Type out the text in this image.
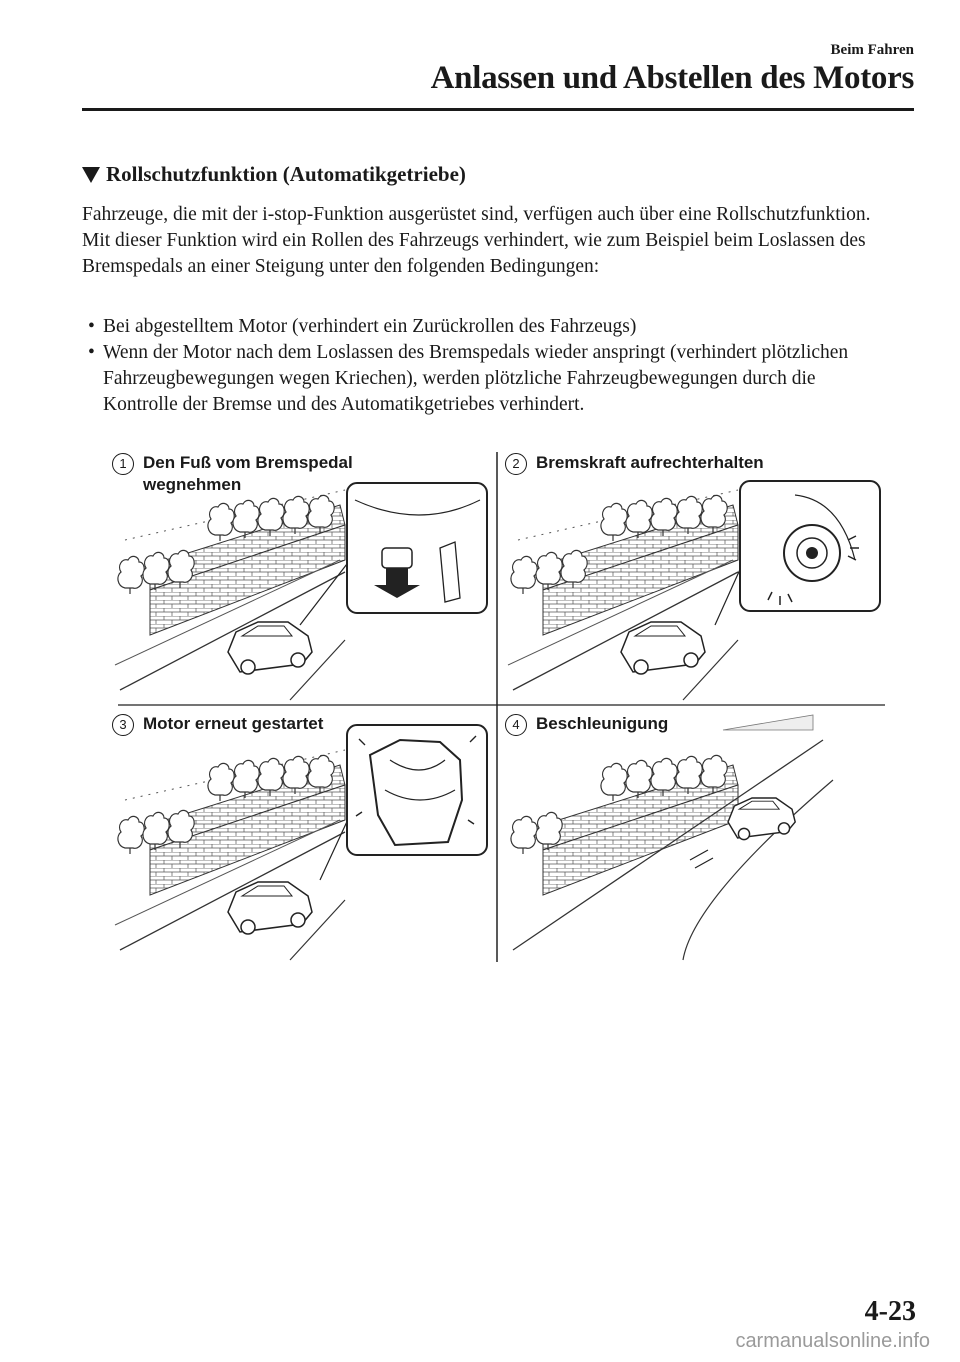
Beim Fahren
Anlassen und Abstellen des Motors
Rollschutzfunktion (Automatikgetriebe)
Fahrzeuge, die mit der i-stop-Funktion ausgerüstet sind, verfügen auch über eine Rollschutzfunktion. Mit dieser Funktion wird ein Rollen des Fahrzeugs verhindert, wie zum Beispiel beim Loslassen des Bremspedals an einer Steigung unter den folgenden Bedingungen:
• Bei abgestelltem Motor (verhindert ein Zurückrollen des Fahrzeugs)
• Wenn der Motor nach dem Loslassen des Bremspedals wieder anspringt (verhindert plötzlichen Fahrzeugbewegungen wegen Kriechen), werden plötzliche Fahrzeugbewegungen durch die Kontrolle der Bremse und des Automatikgetriebes verhindert.
1 Den Fuß vom Bremspedal
wegnehmen
2 Bremskraft aufrechterhalten
3 Motor erneut gestartet	4 Beschleunigung
4-23
carmanualsonline.info
